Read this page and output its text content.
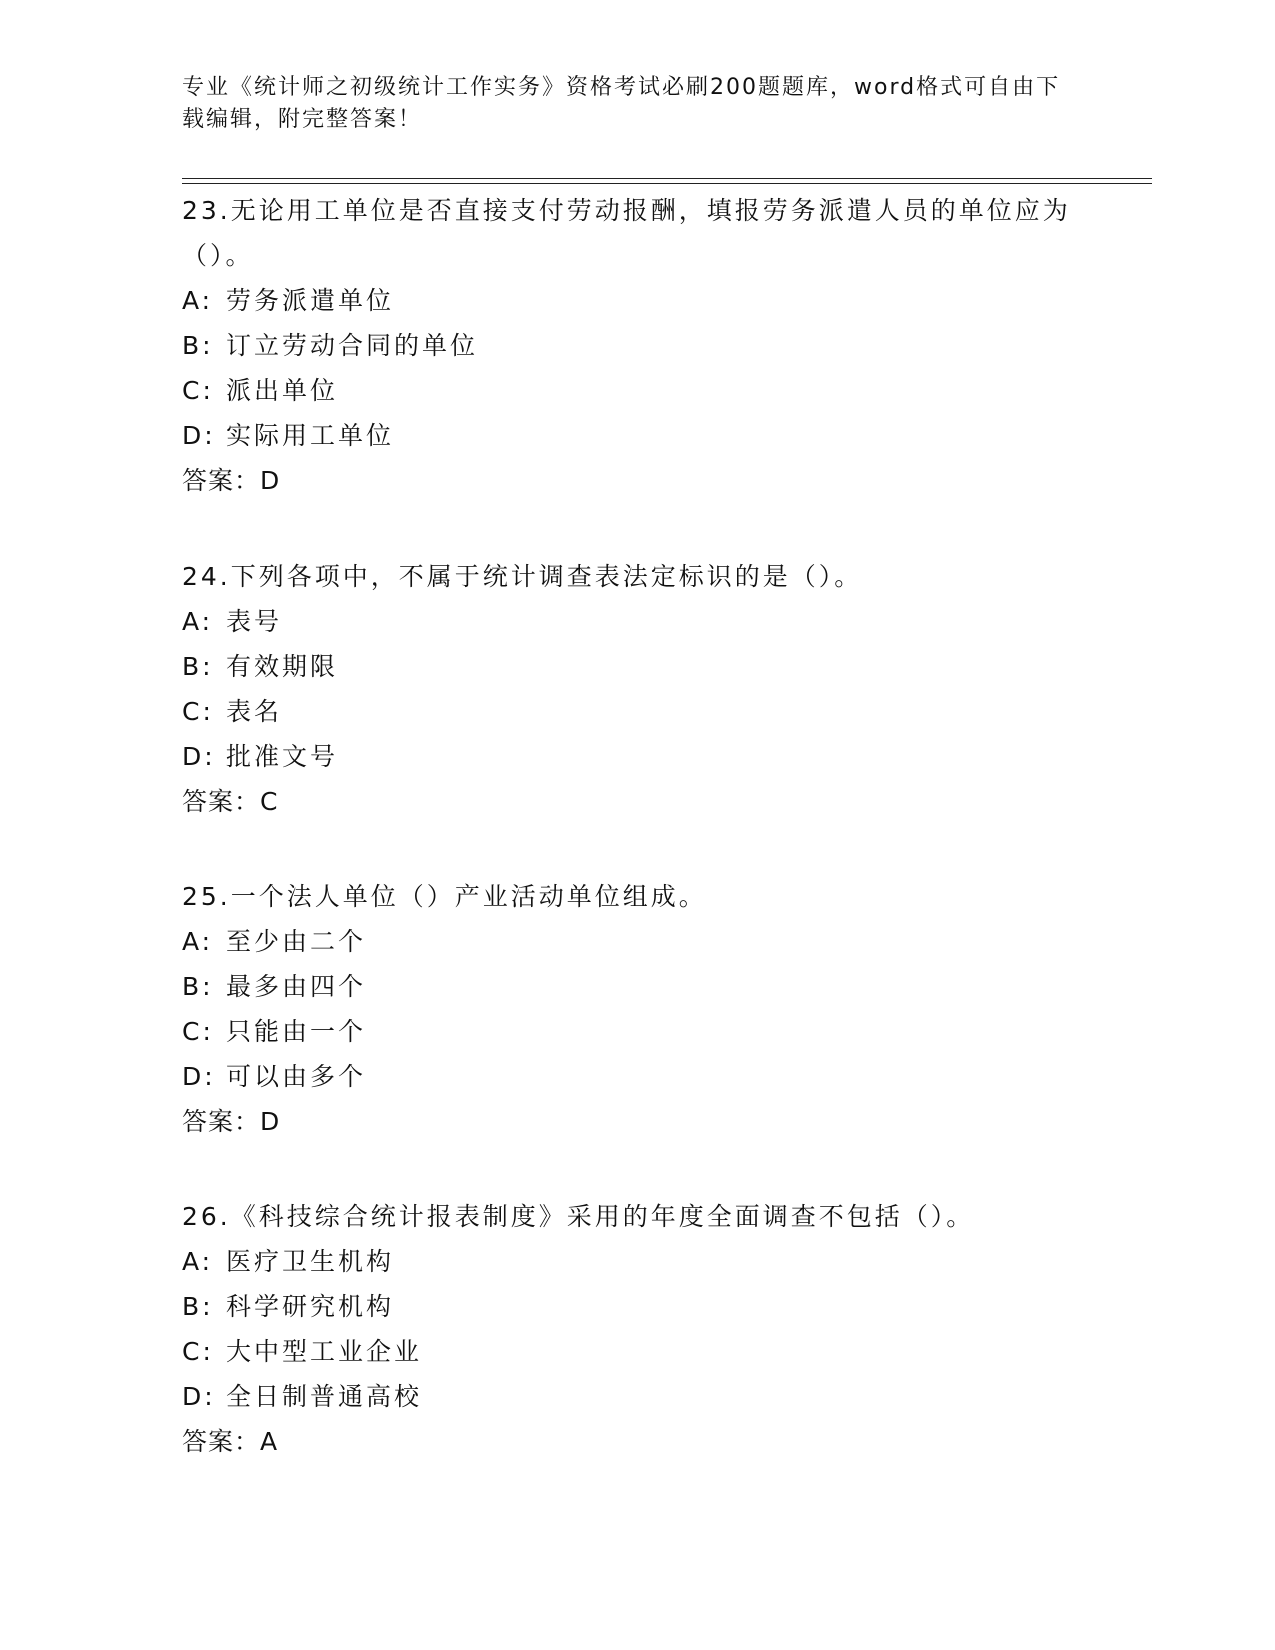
专业《统计师之初级统计工作实务》资格考试必刷200题题库，word格式可自由下载编辑，附完整答案！

23.无论用工单位是否直接支付劳动报酬，填报劳务派遣人员的单位应为（）。

A: 劳务派遣单位
B: 订立劳动合同的单位
C: 派出单位
D: 实际用工单位
答案：D

24.下列各项中，不属于统计调查表法定标识的是（）。

A: 表号
B: 有效期限
C: 表名
D: 批准文号
答案：C

25.一个法人单位（）产业活动单位组成。

A: 至少由二个
B: 最多由四个
C: 只能由一个
D: 可以由多个
答案：D

26.《科技综合统计报表制度》采用的年度全面调查不包括（）。

A: 医疗卫生机构
B: 科学研究机构
C: 大中型工业企业
D: 全日制普通高校
答案：A
